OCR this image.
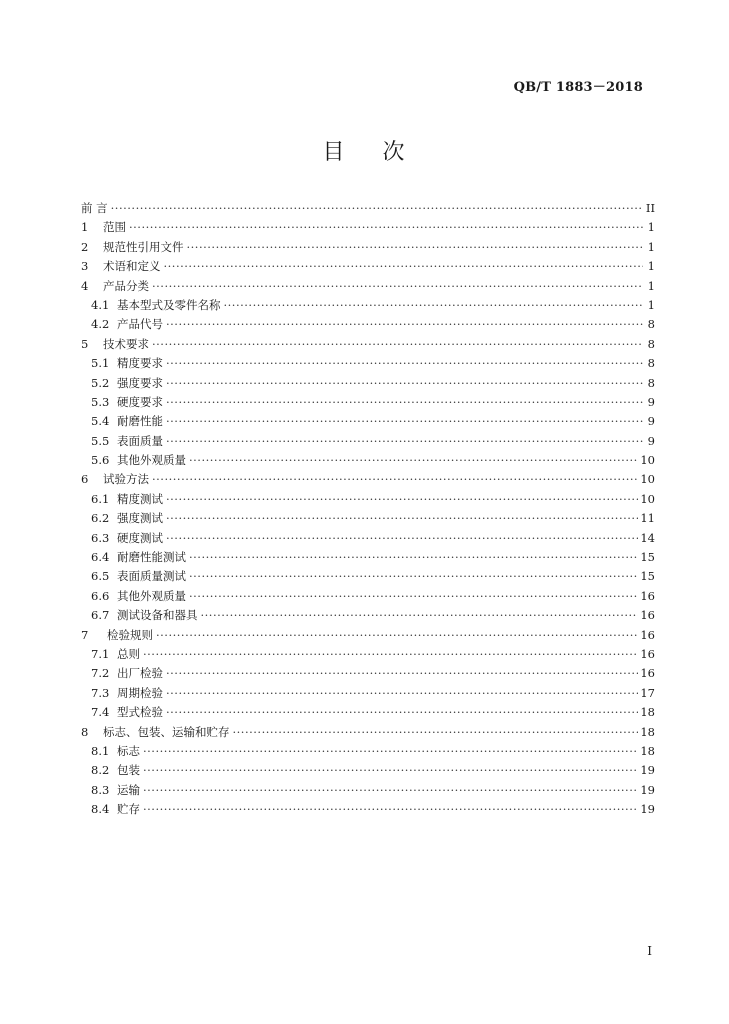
QB/T 1883－2018
目 次
前 言 ·····	II
1	范围 ·····	1
2	规范性引用文件 ·····	1
3	术语和定义 ·····	1
4	产品分类 ·····	1
4.1 基本型式及零件名称 ·····	1
4.2 产品代号 ·····	8
5	技术要求 ·····	8
5.1 精度要求 ·····	8
5.2 强度要求 ·····	8
5.3 硬度要求 ·····	9
5.4 耐磨性能 ·····	9
5.5 表面质量 ·····	9
5.6 其他外观质量 ·····	10
6	试验方法 ·····	10
6.1 精度测试 ·····	10
6.2 强度测试 ·····	11
6.3 硬度测试 ·····	14
6.4 耐磨性能测试 ·····	15
6.5 表面质量测试 ·····	15
6.6 其他外观质量 ·····	16
6.7 测试设备和器具 ·····	16
7	检验规则 ·····	16
7.1 总则 ·····	16
7.2 出厂检验 ·····	16
7.3 周期检验 ·····	17
7.4 型式检验 ·····	18
8	标志、包装、运输和贮存 ·····	18
8.1 标志 ·····	18
8.2 包装 ·····	19
8.3 运输 ·····	19
8.4 贮存 ·····	19
I
